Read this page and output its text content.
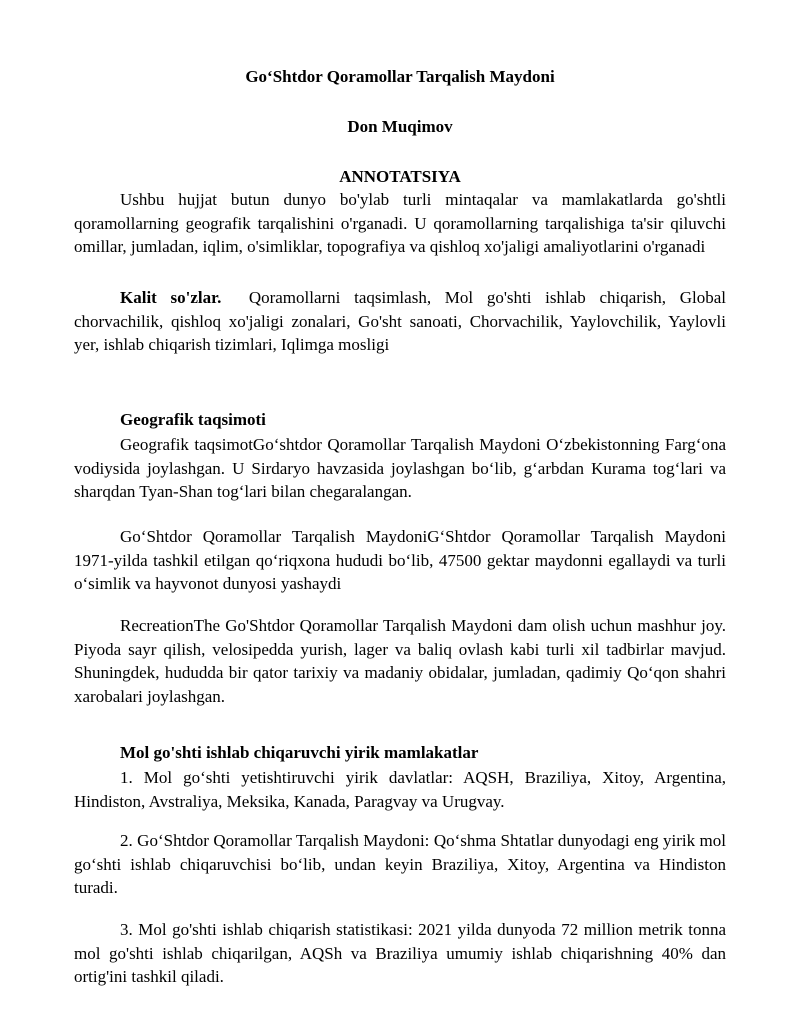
Go‘Shtdor Qoramollar Tarqalish Maydoni
Don Muqimov
ANNOTATSIYA

Ushbu hujjat butun dunyo bo'ylab turli mintaqalar va mamlakatlarda go'shtli qoramollarning geografik tarqalishini o'rganadi. U qoramollarning tarqalishiga ta'sir qiluvchi omillar, jumladan, iqlim, o'simliklar, topografiya va qishloq xo'jaligi amaliyotlarini o'rganadi

Kalit so'zlar. Qoramollarni taqsimlash, Mol go'shti ishlab chiqarish, Global chorvachilik, qishloq xo'jaligi zonalari, Go'sht sanoati, Chorvachilik, Yaylovchilik, Yaylovli yer, ishlab chiqarish tizimlari, Iqlimga mosligi

Geografik taqsimoti

Geografik taqsimotGo‘shtdor Qoramollar Tarqalish Maydoni O‘zbekistonning Farg‘ona vodiysida joylashgan. U Sirdaryo havzasida joylashgan bo‘lib, g‘arbdan Kurama tog‘lari va sharqdan Tyan-Shan tog‘lari bilan chegaralangan.

Go‘Shtdor Qoramollar Tarqalish MaydoniG‘Shtdor Qoramollar Tarqalish Maydoni 1971-yilda tashkil etilgan qo‘riqxona hududi bo‘lib, 47500 gektar maydonni egallaydi va turli o‘simlik va hayvonot dunyosi yashaydi

RecreationThe Go'Shtdor Qoramollar Tarqalish Maydoni dam olish uchun mashhur joy. Piyoda sayr qilish, velosipedda yurish, lager va baliq ovlash kabi turli xil tadbirlar mavjud. Shuningdek, hududda bir qator tarixiy va madaniy obidalar, jumladan, qadimiy Qo‘qon shahri xarobalari joylashgan.

Mol go'shti ishlab chiqaruvchi yirik mamlakatlar

1. Mol go‘shti yetishtiruvchi yirik davlatlar: AQSH, Braziliya, Xitoy, Argentina, Hindiston, Avstraliya, Meksika, Kanada, Paragvay va Urugvay.

2. Go‘Shtdor Qoramollar Tarqalish Maydoni: Qo‘shma Shtatlar dunyodagi eng yirik mol go‘shti ishlab chiqaruvchisi bo‘lib, undan keyin Braziliya, Xitoy, Argentina va Hindiston turadi.

3. Mol go'shti ishlab chiqarish statistikasi: 2021 yilda dunyoda 72 million metrik tonna mol go'shti ishlab chiqarilgan, AQSh va Braziliya umumiy ishlab chiqarishning 40% dan ortig'ini tashkil qiladi.
